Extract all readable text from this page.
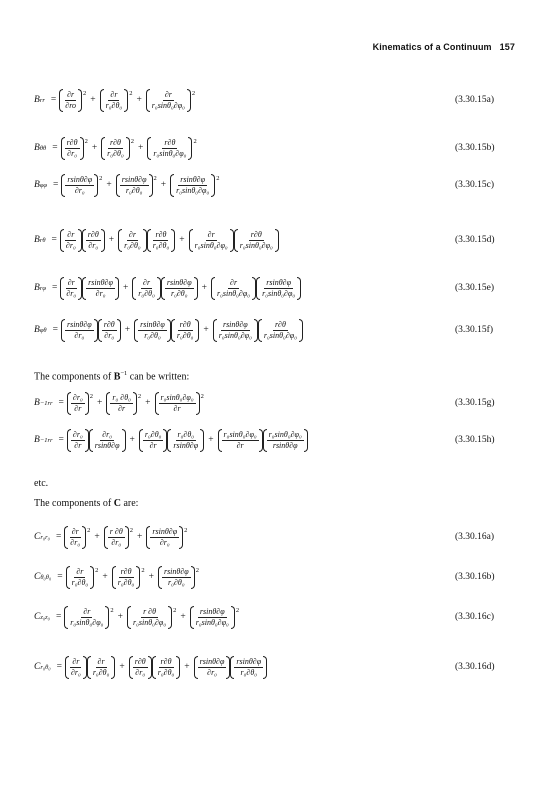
Kinematics of a Continuum 157
B rr = $\frac{\partial r}{\partial ro} 2$
+ $\frac{\partial r}{\text{r₀∂θ₀}} 2$
+ $\frac{\partial r}{\text{r₀sinθ₀∂φ₀}} 2$
(3.30.15a)
B $\theta\theta = \frac{r\partial\theta}{\text{∂r₀}} 2$
+ $\frac{r\partial\theta}{\text{r₀∂θ₀}} 2$
+ $\frac{r\partial\theta}{\text{r₀sinθ₀∂φ₀}} 2$
(3.30.15b)
B $\varphi\varphi = \frac{rsin\theta\partial\varphi}{\text{∂r₀}} 2$
+ $\frac{rsin\theta\partial\varphi}{\text{r₀∂θ₀}} 2$
+ $\frac{rsin\theta\partial\varphi}{\text{r₀sinθ₀∂φ₀}} 2$
(3.30.15c)
B $r\theta = \frac{\partial r}{\text{∂r₀}} \frac{r\partial\theta}{\text{∂r₀}} + \frac{\partial r}{\text{r₀∂θ₀}} \frac{r\partial\theta}{\text{r₀∂θ₀}} + \frac{\partial r}{\text{r₀sinθ₀∂φ₀}} \frac{r\partial\theta}{\text{r₀sinθ₀∂φ₀}}$	(3.30.15d)
B $r\varphi = \frac{\partial r}{\text{∂r₀}} \frac{rsin\theta\partial\varphi}{\text{∂r₀}} + \frac{\partial r}{\text{r₀∂θ₀}} \frac{rsin\theta\partial\varphi}{\text{r₀∂θ₀}} + \frac{\partial r}{\text{r₀sinθ₀∂φ₀}} \frac{rsin\theta\partial\varphi}{\text{r₀sinθ₀∂φ₀}}$	(3.30.15e)
B $\varphi\theta = \frac{rsin\theta\partial\varphi}{\text{∂r₀}} \frac{r\partial\theta}{\text{∂r₀}} + \frac{rsin\theta\partial\varphi}{\text{r₀∂θ₀}} \frac{r\partial\theta}{\text{r₀∂θ₀}} + \frac{rsin\theta\partial\varphi}{\text{r₀sinθ₀∂φ₀}} \frac{r\partial\theta}{\text{r₀sinθ₀∂φ₀}}$	(3.30.15f)
B −1 rr = $\frac{\text{∂r₀}}{\partial r} 2$
+ $\frac{\text{r₀ ∂θ₀}}{\partial r} 2$
+ $\frac{\text{r₀sinθ₀∂φ₀}}{\partial r} 2$
(3.30.15g)
B −1 rr = $\frac{\text{∂r₀}}{\partial r} \frac{\text{∂r₀}}{rsin\theta\partial\varphi} + \frac{\text{r₀∂θ₀}}{\partial r} \frac{\text{r₀∂θ₀}}{rsin\theta\partial\varphi} + \frac{\text{r₀sinθ₀∂φ₀}}{\partial r} \frac{\text{r₀sinθ₀∂φ₀}}{rsin\theta\partial\varphi}$	(3.30.15h)
C $r_0r_0 = \frac{\partial r}{\text{∂r₀}} 2$
+ $\frac{r \partial\theta}{\text{∂r₀}} 2$
+ $\frac{rsin\theta\partial\varphi}{\text{∂r₀}} 2$
(3.30.16a)
C $\theta_0\theta_0 = \frac{\partial r}{\text{r₀∂θ₀}} 2$
+ $\frac{r\partial\theta}{\text{r₀∂θ₀}} 2$
+ $\frac{rsin\theta\partial\varphi}{\text{r₀∂θ₀}} 2$
(3.30.16b)
C $z_0z_0 = \frac{\partial r}{\text{r₀sinθ₀∂φ₀}} 2$
+ $\frac{r \partial\theta}{\text{r₀sinθ₀∂φ₀}} 2$
+ $\frac{rsin\theta\partial\varphi}{\text{r₀sinθ₀∂φ₀}} 2$
(3.30.16c)
C $r_0\theta_0 = \frac{\partial r}{\text{∂r₀}} \frac{\partial r}{\text{r₀∂θ₀}} + \frac{r\partial\theta}{\text{∂r₀}} \frac{r\partial\theta}{\text{r₀∂θ₀}} + \frac{rsin\theta\partial\varphi}{\text{∂r₀}} \frac{rsin\theta\partial\varphi}{\text{r₀∂θ₀}}$	(3.30.16d)
The components of $B^{-1}$ can be written:
etc.
The components of C are:
